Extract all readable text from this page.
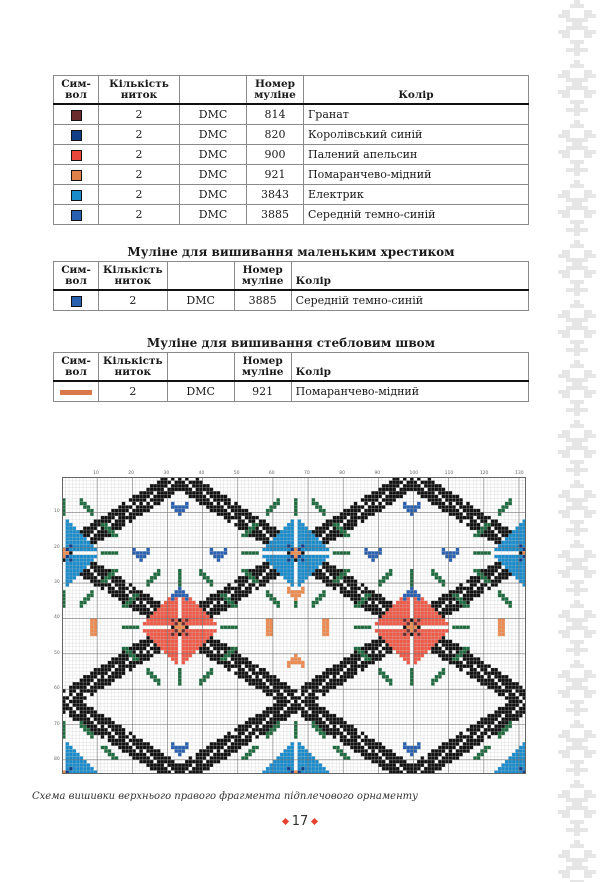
Сим-
вол	Кількість
ниток		Номер
муліне	Колір
	2	DMC	814	Гранат
	2	DMC	820	Королівський синій
	2	DMC	900	Палений апельсин
	2	DMC	921	Помаранчево-мідний
	2	DMC	3843	Електрик
	2	DMC	3885	Середній темно-синій
Муліне для вишивання маленьким хрестиком
Сим-
вол	Кількість
ниток		Номер
муліне	Колір
	2	DMC	3885	Середній темно-синій
Муліне для вишивання стебловим швом
Сим-
вол	Кількість
ниток		Номер
муліне	Колір
	2	DMC	921	Помаранчево-мідний
10	20	30	40	50	60	70	80	90	100	110	120	130
10
20
30
40
50
60
70
80
Схема вишивки верхнього правого фрагмента підплечового орнаменту
17
